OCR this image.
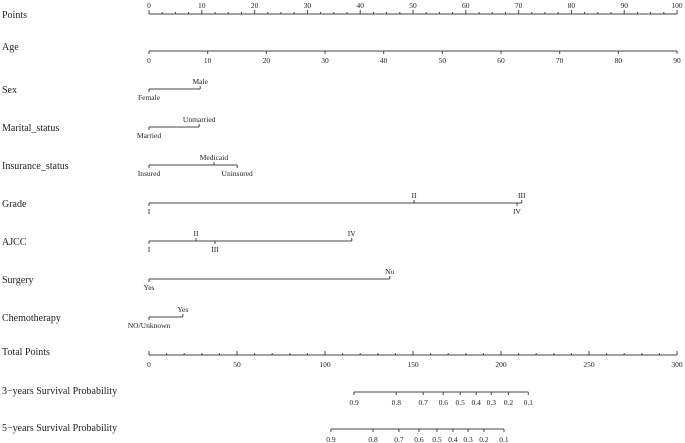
Points
0	10	20	30	40	50	60	70	80	90	100
Age
0	10	20	30	40	50	60	70	80	90
Sex
Female
Male
Marital_status
Married
Unmarried
Insurance_status
Insured
Medicaid
Uninsured
Grade
I
II
IV
III
AJCC
I
II
III
IV
Surgery
Yes
No
Chemotherapy
NO/Unknown
Yes
Total Points
0	50	100	150	200	250	300
3−years Survival Probability
0.9	0.8 0.7 0.6 0.5 0.4 0.3 0.2 0.1
5−years Survival Probability
0.9	0.8 0.7 0.6 0.5 0.4 0.3 0.2 0.1
